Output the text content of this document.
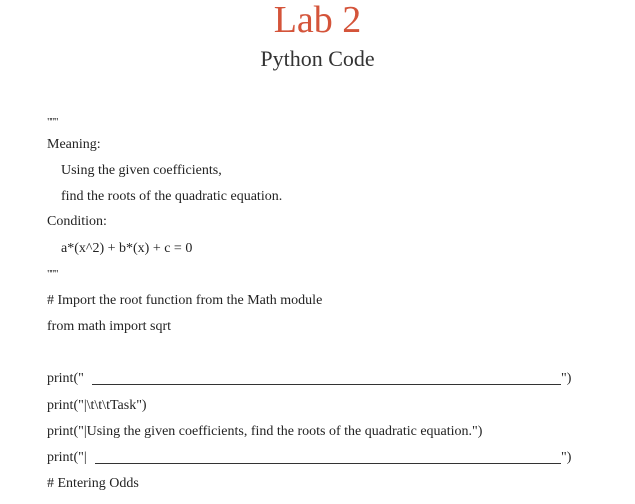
Lab 2
Python Code
"""
Meaning:
Using the given coefficients,
find the roots of the quadratic equation.
Condition:
a*(x^2) + b*(x) + c = 0
"""
# Import the root function from the Math module
from math import sqrt
print("	")
print("|\t\t\tTask")
print("|Using the given coefficients, find the roots of the quadratic equation.")
print("|	")
# Entering Odds
